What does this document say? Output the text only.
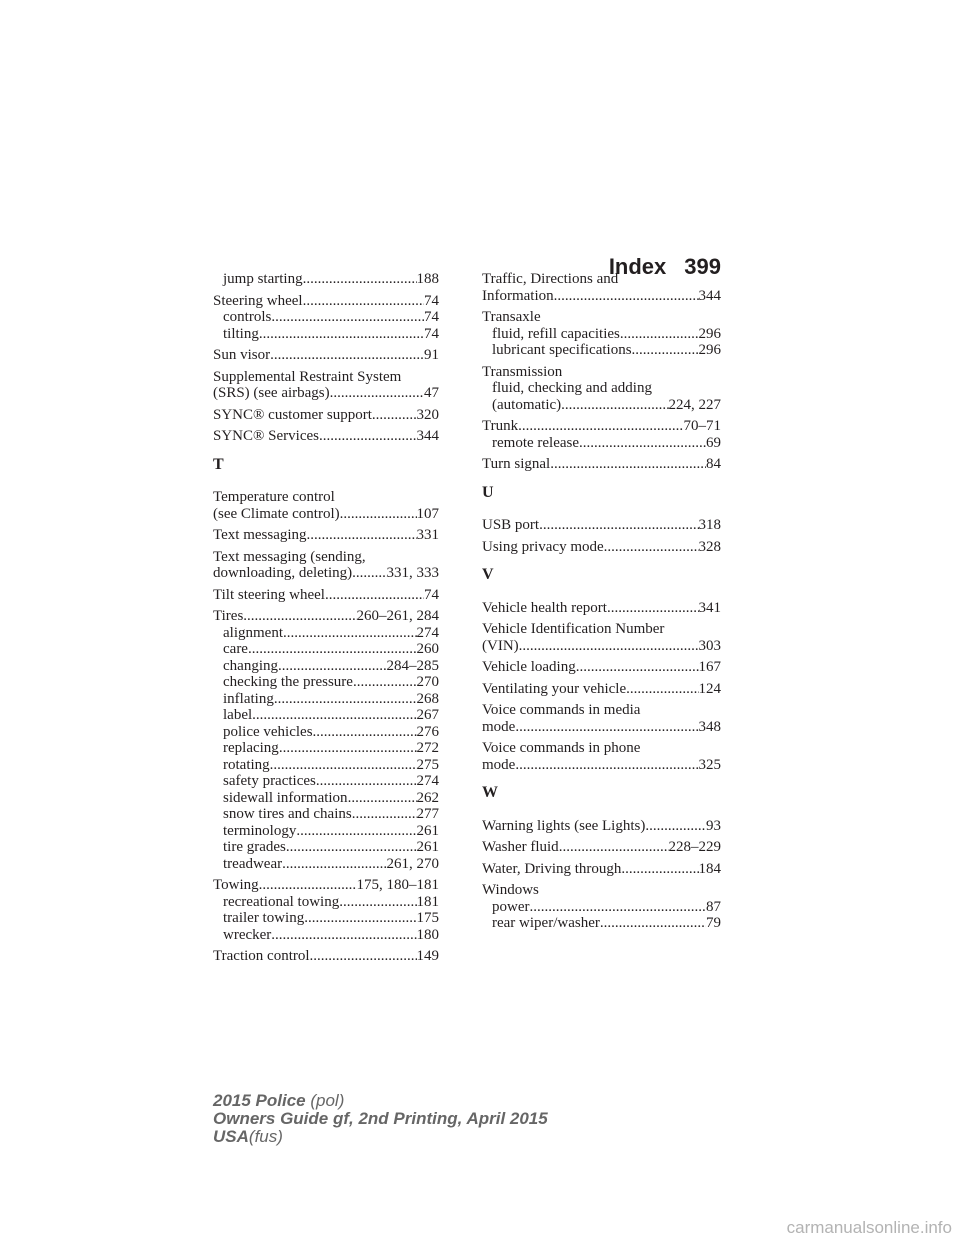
Index 399
jump starting .....	188
Steering wheel .....	74
controls .....	74
tilting .....	74
Sun visor .....	91
Supplemental Restraint System
(SRS) (see airbags) .....	47
SYNC® customer support .....	320
SYNC® Services .....	344
T
Temperature control
(see Climate control) .....	107
Text messaging .....	331
Text messaging (sending,
downloading, deleting) ..... 331, 333
Tilt steering wheel .....	74
Tires .....	260–261, 284
alignment .....	274
care .....	260
changing .....	284–285
checking the pressure .....	270
inflating .....	268
label .....	267
police vehicles .....	276
replacing .....	272
rotating .....	275
safety practices .....	274
sidewall information .....	262
snow tires and chains .....	277
terminology .....	261
tire grades .....	261
treadwear .....	261, 270
Towing .....	175, 180–181
recreational towing .....	181
trailer towing .....	175
wrecker .....	180
Traction control .....	149
Traffic, Directions and
Information .....	344
Transaxle
fluid, refill capacities .....	296
lubricant specifications .....	296
Transmission
fluid, checking and adding
(automatic) .....	224, 227
Trunk .....	70–71
remote release .....	69
Turn signal .....	84
U
USB port .....	318
Using privacy mode .....	328
V
Vehicle health report .....	341
Vehicle Identification Number
(VIN) .....	303
Vehicle loading .....	167
Ventilating your vehicle .....	124
Voice commands in media
mode .....	348
Voice commands in phone
mode .....	325
W
Warning lights (see Lights) .....	93
Washer fluid .....	228–229
Water, Driving through .....	184
Windows
power .....	87
rear wiper/washer .....	79
2015 Police (pol)
Owners Guide gf, 2nd Printing, April 2015
USA(fus)
carmanualsonline.info
